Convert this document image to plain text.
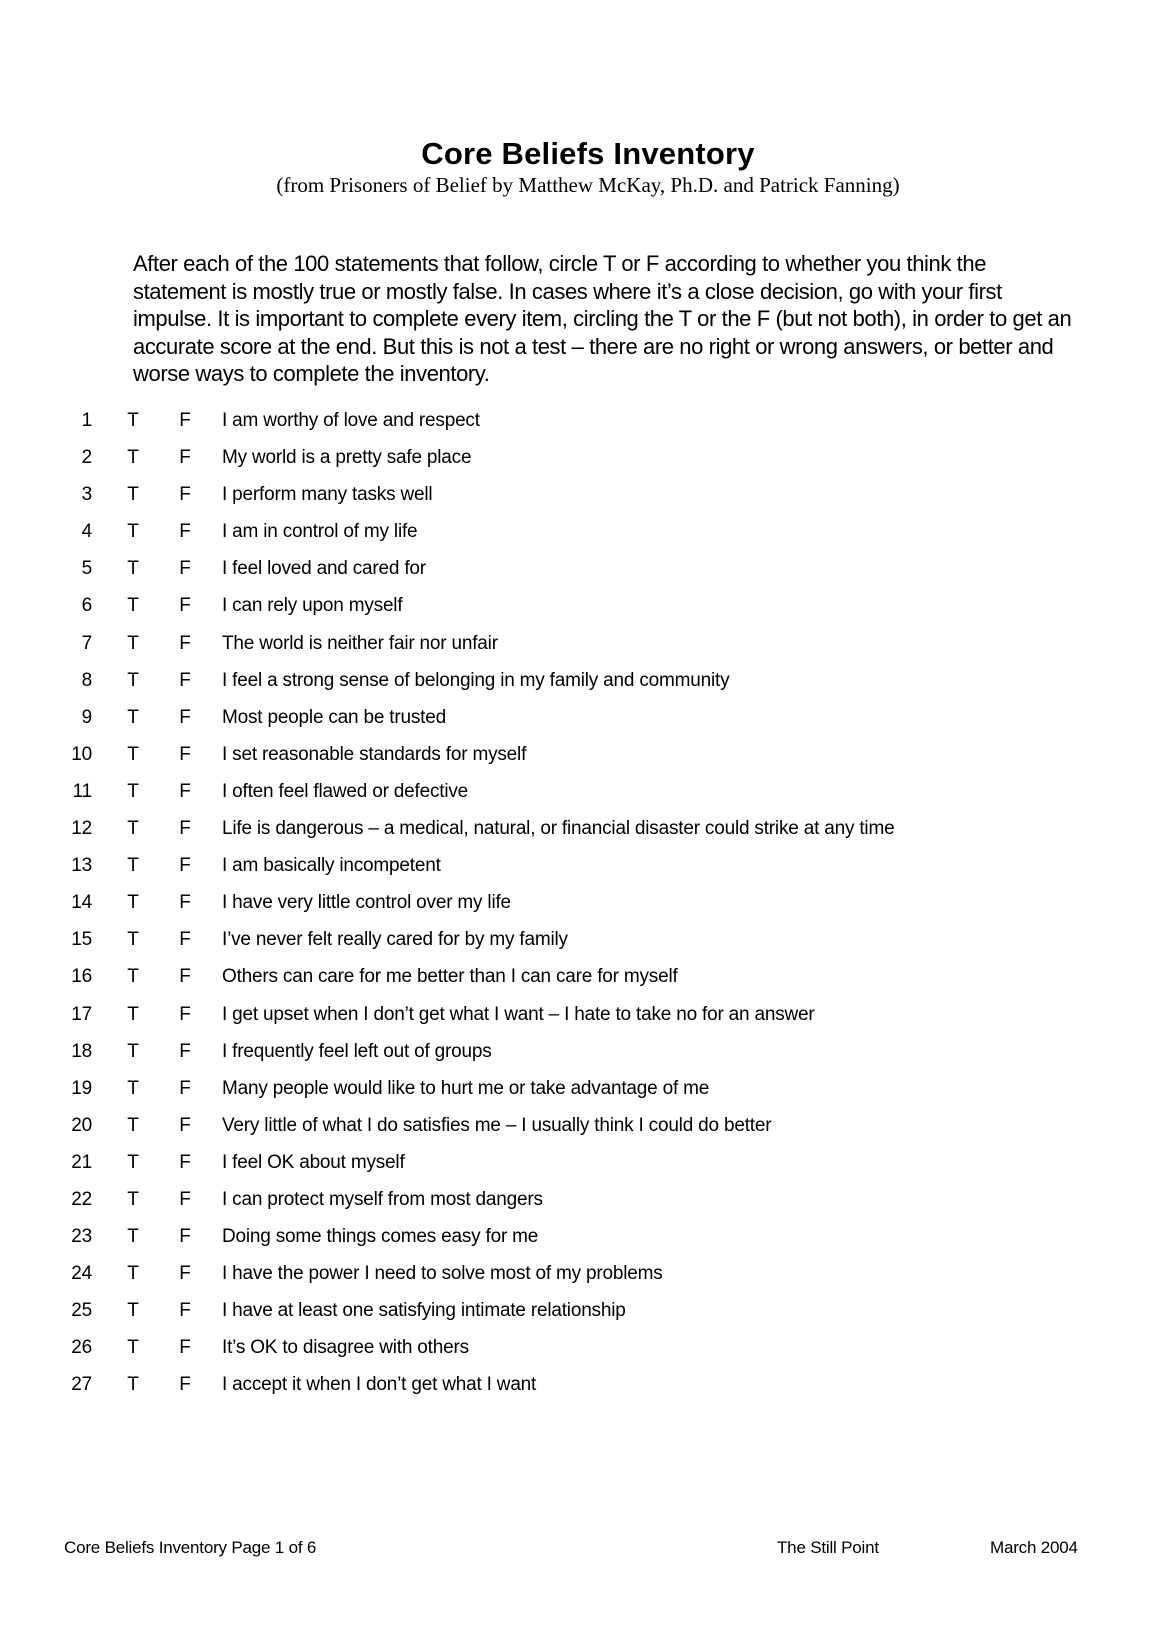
Core Beliefs Inventory
(from Prisoners of Belief by Matthew McKay, Ph.D. and Patrick Fanning)

After each of the 100 statements that follow, circle T or F according to whether you think the statement is mostly true or mostly false. In cases where it’s a close decision, go with your first impulse. It is important to complete every item, circling the T or the F (but not both), in order to get an accurate score at the end. But this is not a test – there are no right or wrong answers, or better and worse ways to complete the inventory.

1 T F I am worthy of love and respect
2 T F My world is a pretty safe place
3 T F I perform many tasks well
4 T F I am in control of my life
5 T F I feel loved and cared for
6 T F I can rely upon myself
7 T F The world is neither fair nor unfair
8 T F I feel a strong sense of belonging in my family and community
9 T F Most people can be trusted
10 T F I set reasonable standards for myself
11 T F I often feel flawed or defective
12 T F Life is dangerous – a medical, natural, or financial disaster could strike at any time
13 T F I am basically incompetent
14 T F I have very little control over my life
15 T F I’ve never felt really cared for by my family
16 T F Others can care for me better than I can care for myself
17 T F I get upset when I don’t get what I want – I hate to take no for an answer
18 T F I frequently feel left out of groups
19 T F Many people would like to hurt me or take advantage of me
20 T F Very little of what I do satisfies me – I usually think I could do better
21 T F I feel OK about myself
22 T F I can protect myself from most dangers
23 T F Doing some things comes easy for me
24 T F I have the power I need to solve most of my problems
25 T F I have at least one satisfying intimate relationship
26 T F It’s OK to disagree with others
27 T F I accept it when I don’t get what I want
Core Beliefs Inventory Page 1 of 6	The Still Point	March 2004
